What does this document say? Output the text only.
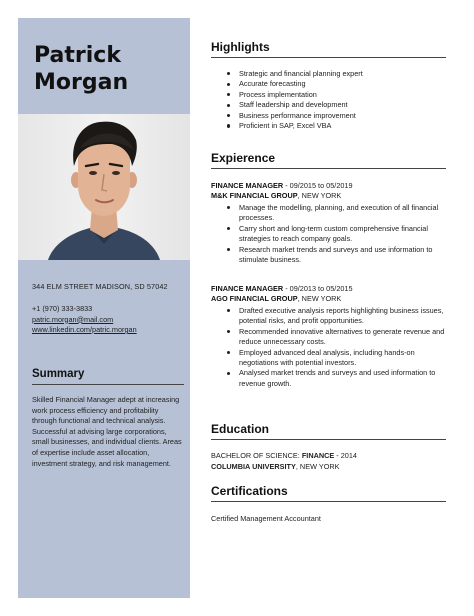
Patrick
Morgan
344 ELM STREET MADISON, SD 57042
+1 (970) 333-3833
patric.morgan@mail.com
www.linkedin.com/patric.morgan
Summary
Skilled Financial Manager adept at increasing work process efficiency and profitability through functional and technical analysis. Successful at advising large corporations, small businesses, and individual clients. Areas of expertise include asset allocation, investment strategy, and risk management.
Highlights
Strategic and financial planning expert
Accurate forecasting
Process implementation
Staff leadership and development
Business performance improvement
Proficient in SAP, Excel VBA
Expierence
FINANCE MANAGER - 09/2015 to 05/2019
M&K FINANCIAL GROUP, NEW YORK
Manage the modelling, planning, and execution of all financial processes.
Carry short and long-term custom comprehensive financial strategies to reach company goals.
Research market trends and surveys and use information to stimulate business.
FINANCE MANAGER - 09/2013 to 05/2015
AGO FINANCIAL GROUP, NEW YORK
Drafted executive analysis reports highlighting business issues, potential risks, and profit opportunities.
Recommended innovative alternatives to generate revenue and reduce unnecessary costs.
Employed advanced deal analysis, including hands-on negotiations with potential investors.
Analysed market trends and surveys and used information to revenue growth.
Education
BACHELOR OF SCIENCE: FINANCE - 2014
COLUMBIA UNIVERSITY, NEW YORK
Certifications
Certified Management Accountant
